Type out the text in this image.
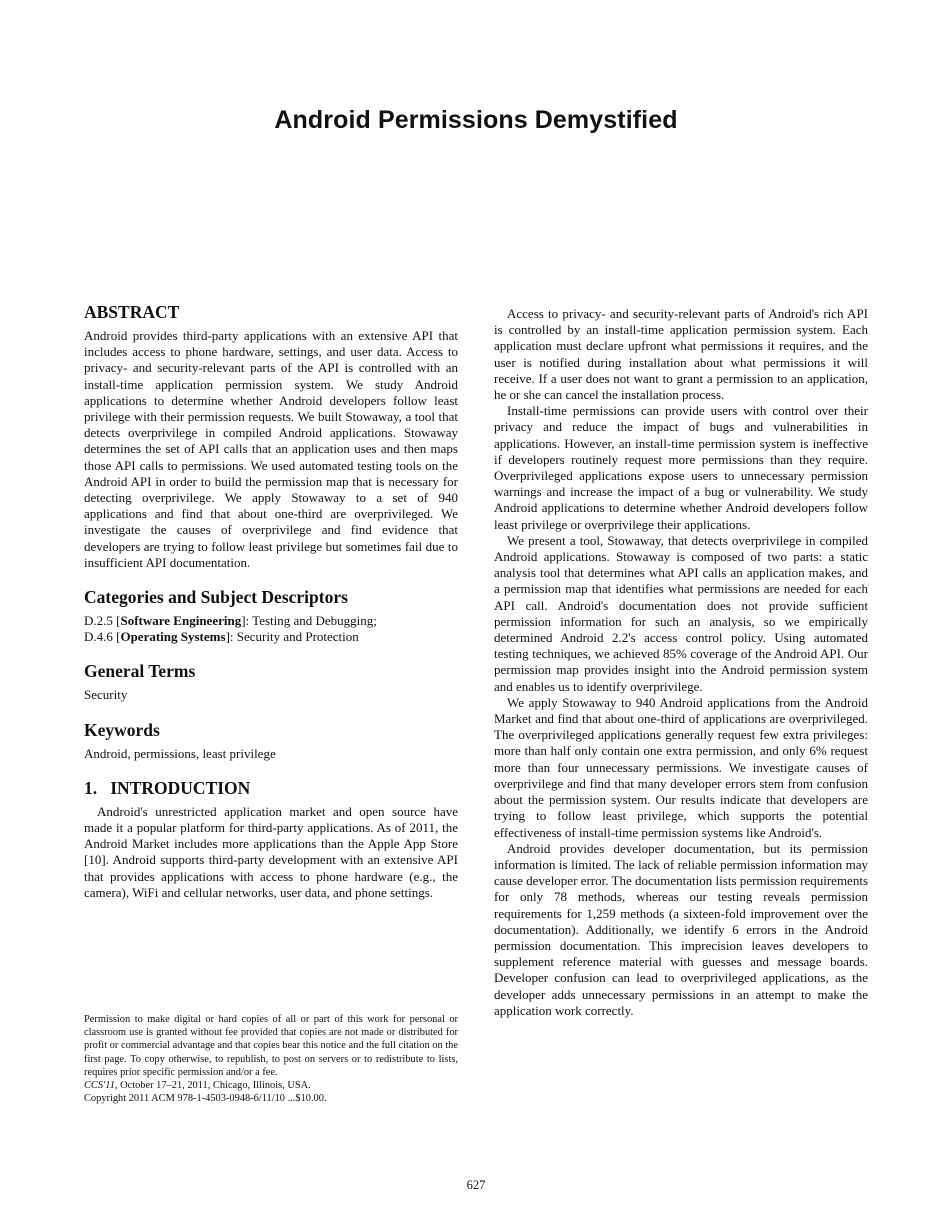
Android Permissions Demystified
ABSTRACT

Android provides third-party applications with an extensive API that includes access to phone hardware, settings, and user data. Access to privacy- and security-relevant parts of the API is controlled with an install-time application permission system. We study Android applications to determine whether Android developers follow least privilege with their permission requests. We built Stowaway, a tool that detects overprivilege in compiled Android applications. Stowaway determines the set of API calls that an application uses and then maps those API calls to permissions. We used automated testing tools on the Android API in order to build the permission map that is necessary for detecting overprivilege. We apply Stowaway to a set of 940 applications and find that about one-third are overprivileged. We investigate the causes of overprivilege and find evidence that developers are trying to follow least privilege but sometimes fail due to insufficient API documentation.

Categories and Subject Descriptors

D.2.5 [Software Engineering]: Testing and Debugging;

D.4.6 [Operating Systems]: Security and Protection

General Terms

Security

Keywords

Android, permissions, least privilege

1.   INTRODUCTION

Android's unrestricted application market and open source have made it a popular platform for third-party applications. As of 2011, the Android Market includes more applications than the Apple App Store [10]. Android supports third-party development with an extensive API that provides applications with access to phone hardware (e.g., the camera), WiFi and cellular networks, user data, and phone settings.

Permission to make digital or hard copies of all or part of this work for personal or classroom use is granted without fee provided that copies are not made or distributed for profit or commercial advantage and that copies bear this notice and the full citation on the first page. To copy otherwise, to republish, to post on servers or to redistribute to lists, requires prior specific permission and/or a fee.

CCS'11, October 17–21, 2011, Chicago, Illinois, USA.

Copyright 2011 ACM 978-1-4503-0948-6/11/10 ...$10.00.

Access to privacy- and security-relevant parts of Android's rich API is controlled by an install-time application permission system. Each application must declare upfront what permissions it requires, and the user is notified during installation about what permissions it will receive. If a user does not want to grant a permission to an application, he or she can cancel the installation process.

Install-time permissions can provide users with control over their privacy and reduce the impact of bugs and vulnerabilities in applications. However, an install-time permission system is ineffective if developers routinely request more permissions than they require. Overprivileged applications expose users to unnecessary permission warnings and increase the impact of a bug or vulnerability. We study Android applications to determine whether Android developers follow least privilege or overprivilege their applications.

We present a tool, Stowaway, that detects overprivilege in compiled Android applications. Stowaway is composed of two parts: a static analysis tool that determines what API calls an application makes, and a permission map that identifies what permissions are needed for each API call. Android's documentation does not provide sufficient permission information for such an analysis, so we empirically determined Android 2.2's access control policy. Using automated testing techniques, we achieved 85% coverage of the Android API. Our permission map provides insight into the Android permission system and enables us to identify overprivilege.

We apply Stowaway to 940 Android applications from the Android Market and find that about one-third of applications are overprivileged. The overprivileged applications generally request few extra privileges: more than half only contain one extra permission, and only 6% request more than four unnecessary permissions. We investigate causes of overprivilege and find that many developer errors stem from confusion about the permission system. Our results indicate that developers are trying to follow least privilege, which supports the potential effectiveness of install-time permission systems like Android's.

Android provides developer documentation, but its permission information is limited. The lack of reliable permission information may cause developer error. The documentation lists permission requirements for only 78 methods, whereas our testing reveals permission requirements for 1,259 methods (a sixteen-fold improvement over the documentation). Additionally, we identify 6 errors in the Android permission documentation. This imprecision leaves developers to supplement reference material with guesses and message boards. Developer confusion can lead to overprivileged applications, as the developer adds unnecessary permissions in an attempt to make the application work correctly.

627
